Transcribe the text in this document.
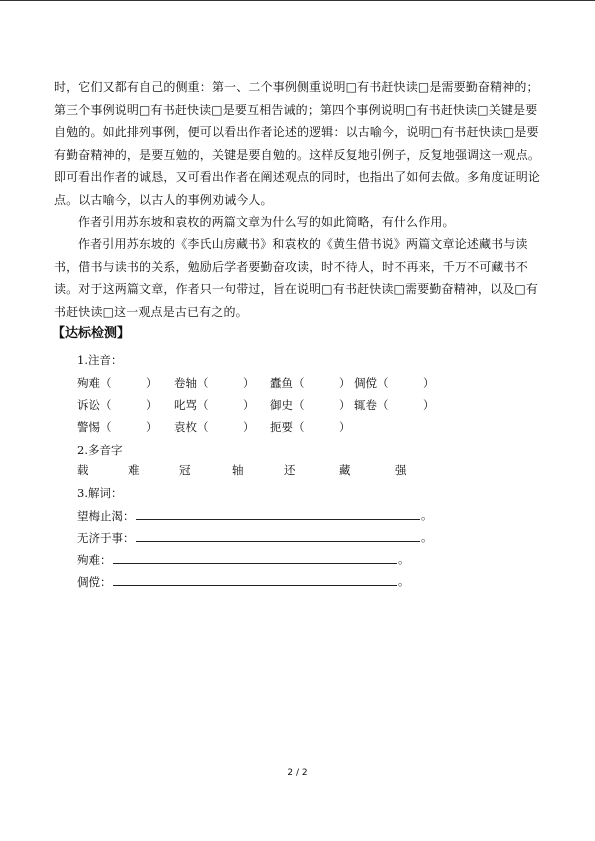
时，它们又都有自己的侧重：第一、二个事例侧重说明□有书赶快读□是需要勤奋精神的；第三个事例说明□有书赶快读□是要互相告诫的；第四个事例说明□有书赶快读□关键是要自勉的。如此排列事例，便可以看出作者论述的逻辑：以古喻今，说明□有书赶快读□是要有勤奋精神的，是要互勉的，关键是要自勉的。这样反复地引例子，反复地强调这一观点。即可看出作者的诚恳，又可看出作者在阐述观点的同时，也指出了如何去做。多角度证明论点。以古喻今，以古人的事例劝诫今人。

作者引用苏东坡和袁枚的两篇文章为什么写的如此简略，有什么作用。

作者引用苏东坡的《李氏山房藏书》和袁枚的《黄生借书说》两篇文章论述藏书与读书，借书与读书的关系，勉励后学者要勤奋攻读，时不待人，时不再来，千万不可藏书不读。对于这两篇文章，作者只一句带过，旨在说明□有书赶快读□需要勤奋精神，以及□有书赶快读□这一观点是古已有之的。

【达标检测】
1.注音：
殉难（　　　） 卷轴（　　　） 蠹鱼（　　　） 倜傥（　　　）
诉讼（　　　） 叱骂（　　　） 御史（　　　） 辄卷（　　　）
警惕（　　　） 袁枚（　　　） 扼要（　　　）
2.多音字
载	难	冠	轴	还	藏	强
3.解词：
望梅止渴：	。
无济于事：	。
殉难：	。
倜傥：	。
2 / 2
